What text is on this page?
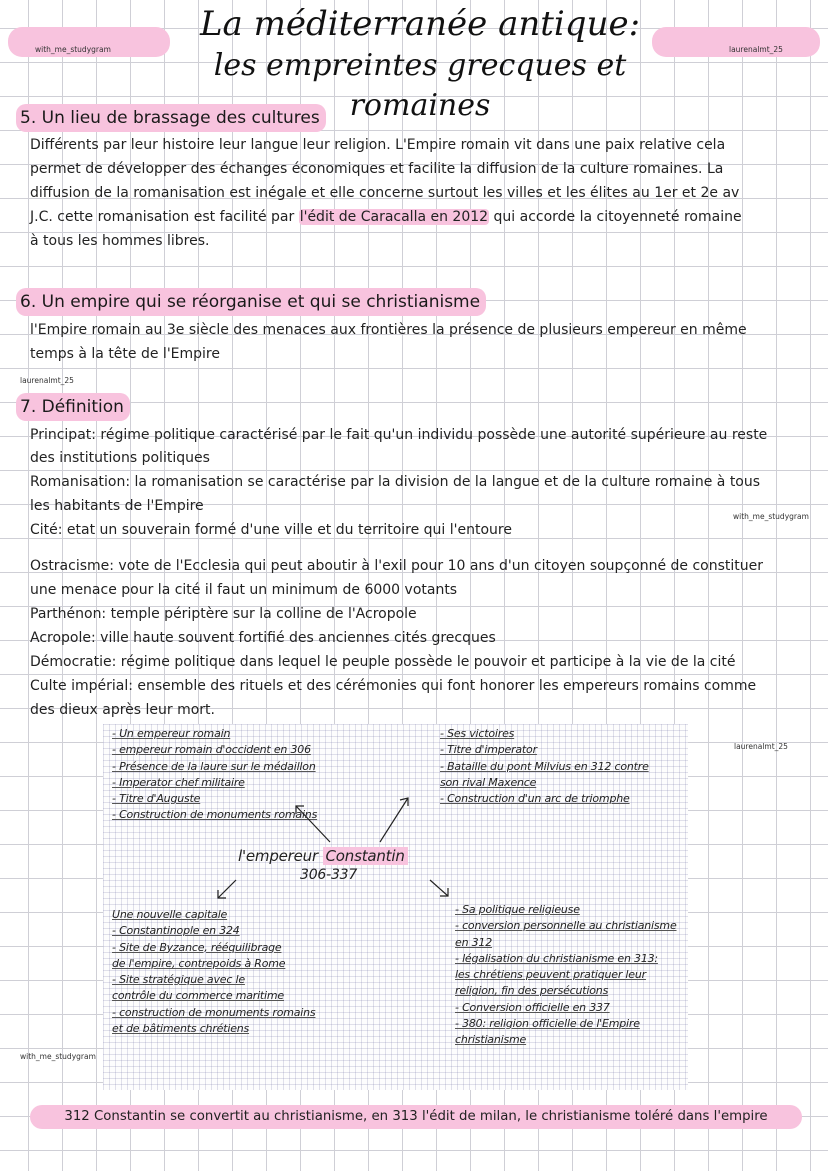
with_me_studygram	laurenalmt_25
La méditerranée antique:
les empreintes grecques et romaines
5. Un lieu de brassage des cultures
Différents par leur histoire leur langue leur religion. L'Empire romain vit dans une paix relative cela
permet de développer des échanges économiques et facilite la diffusion de la culture romaines. La
diffusion de la romanisation est inégale et elle concerne surtout les villes et les élites au 1er et 2e av
J.C. cette romanisation est facilité par l'édit de Caracalla en 2012 qui accorde la citoyenneté romaine
à tous les hommes libres.
6. Un empire qui se réorganise et qui se christianisme
l'Empire romain au 3e siècle des menaces aux frontières la présence de plusieurs empereur en même
temps à la tête de l'Empire
laurenalmt_25
7. Définition
Principat: régime politique caractérisé par le fait qu'un individu possède une autorité supérieure au reste
des institutions politiques
Romanisation: la romanisation se caractérise par la division de la langue et de la culture romaine à tous
les habitants de l'Empire
Cité: etat un souverain formé d'une ville et du territoire qui l'entoure
with_me_studygram
Ostracisme: vote de l'Ecclesia qui peut aboutir à l'exil pour 10 ans d'un citoyen soupçonné de constituer
une menace pour la cité il faut un minimum de 6000 votants
Parthénon: temple périptère sur la colline de l'Acropole
Acropole: ville haute souvent fortifié des anciennes cités grecques
Démocratie: régime politique dans lequel le peuple possède le pouvoir et participe à la vie de la cité
Culte impérial: ensemble des rituels et des cérémonies qui font honorer les empereurs romains comme
des dieux après leur mort.
- Un empereur romain
- empereur romain d'occident en 306
- Présence de la laure sur le médaillon
- Imperator chef militaire
- Titre d'Auguste
- Construction de monuments romains
- Ses victoires
- Titre d'imperator
- Bataille du pont Milvius en 312 contre
son rival Maxence
- Construction d'un arc de triomphe
laurenalmt_25
l'empereur Constantin
306-337
Une nouvelle capitale
- Constantinople en 324
- Site de Byzance, rééquilibrage
de l'empire, contrepoids à Rome
- Site stratégique avec le
contrôle du commerce maritime
- construction de monuments romains
et de bâtiments chrétiens
- Sa politique religieuse
- conversion personnelle au christianisme
en 312
- légalisation du christianisme en 313:
les chrétiens peuvent pratiquer leur
religion, fin des persécutions
- Conversion officielle en 337
- 380: religion officielle de l'Empire
christianisme
with_me_studygram
312 Constantin se convertit au christianisme, en 313 l'édit de milan, le christianisme toléré dans l'empire
